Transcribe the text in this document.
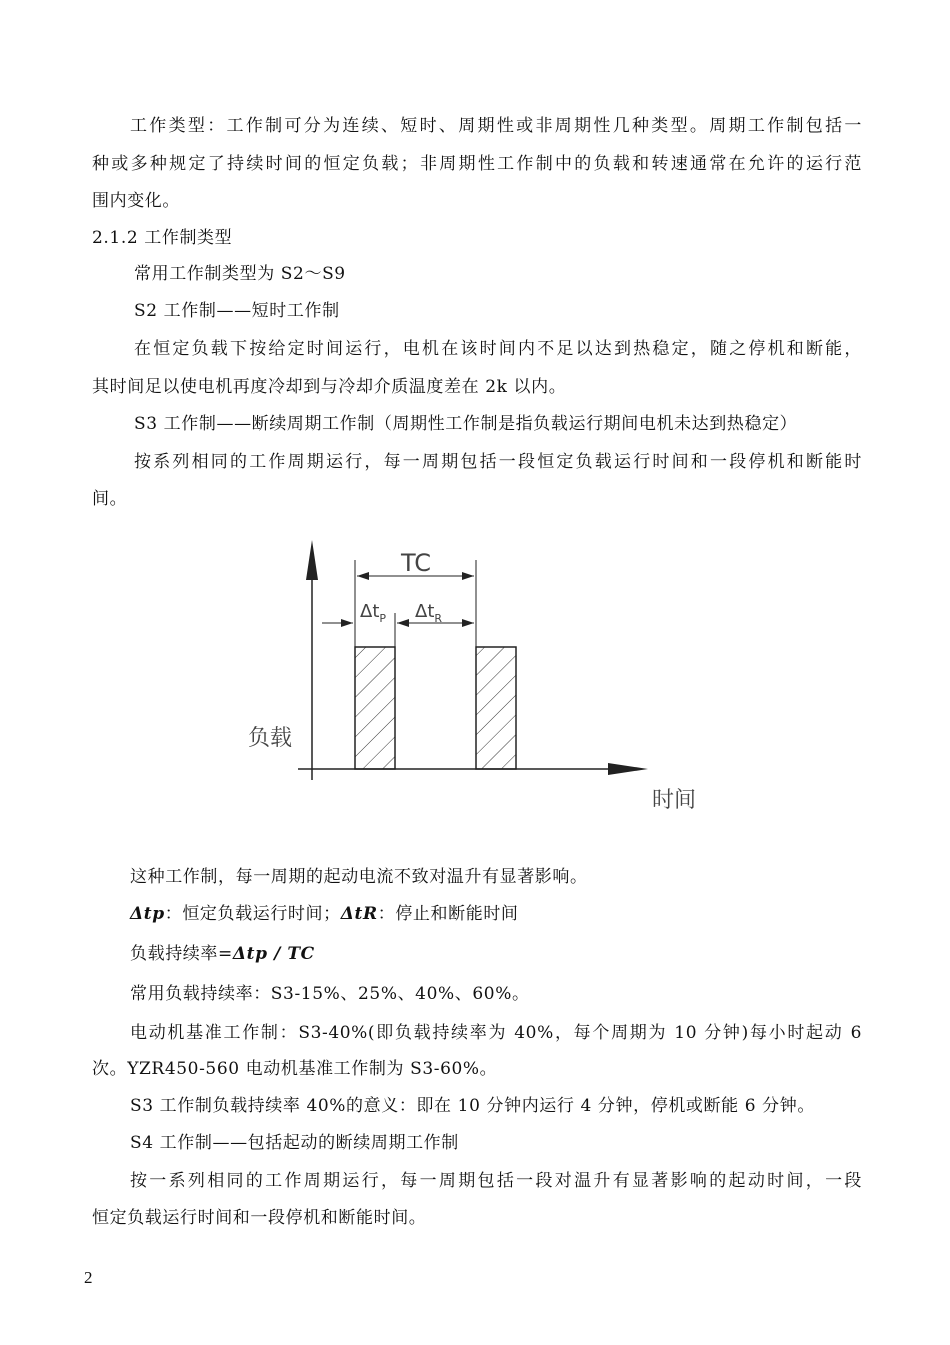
工作类型：工作制可分为连续、短时、周期性或非周期性几种类型。周期工作制包括一
种或多种规定了持续时间的恒定负载；非周期性工作制中的负载和转速通常在允许的运行范
围内变化。
2.1.2 工作制类型
常用工作制类型为 S2～S9
S2 工作制——短时工作制
在恒定负载下按给定时间运行，电机在该时间内不足以达到热稳定，随之停机和断能，
其时间足以使电机再度冷却到与冷却介质温度差在 2k 以内。
S3 工作制——断续周期工作制（周期性工作制是指负载运行期间电机未达到热稳定）
按系列相同的工作周期运行，每一周期包括一段恒定负载运行时间和一段停机和断能时
间。
TC
$\Delta t_P$ $\Delta t_R$
负载
时间
这种工作制，每一周期的起动电流不致对温升有显著影响。
Δtp：恒定负载运行时间；ΔtR：停止和断能时间
负载持续率=Δtp / TC
常用负载持续率：S3-15%、25%、40%、60%。
电动机基准工作制：S3-40%(即负载持续率为 40%，每个周期为 10 分钟)每小时起动 6
次。YZR450-560 电动机基准工作制为 S3-60%。
S3 工作制负载持续率 40%的意义：即在 10 分钟内运行 4 分钟，停机或断能 6 分钟。
S4 工作制——包括起动的断续周期工作制
按一系列相同的工作周期运行，每一周期包括一段对温升有显著影响的起动时间，一段
恒定负载运行时间和一段停机和断能时间。
2
